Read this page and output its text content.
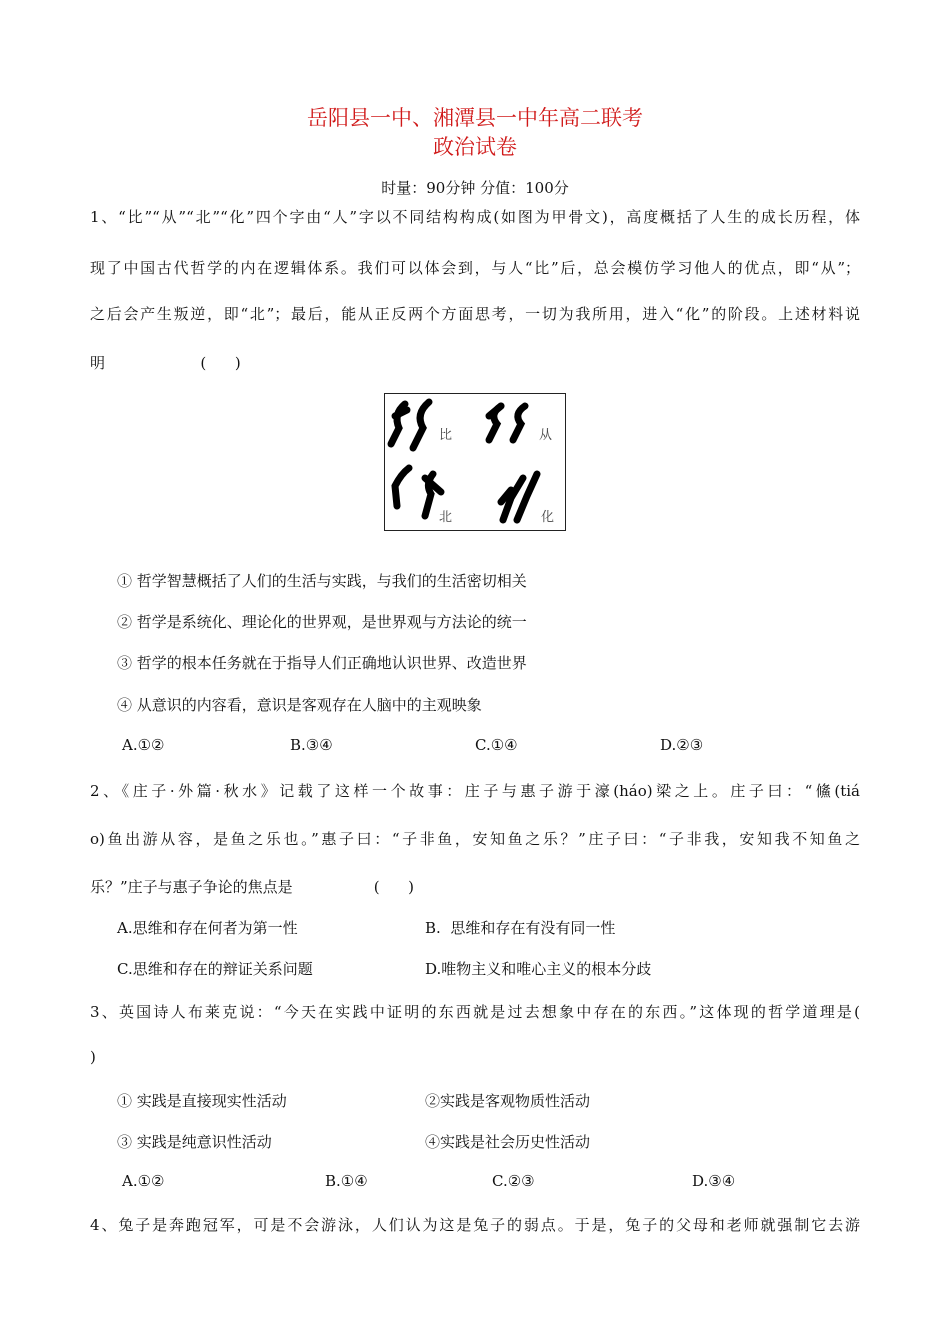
岳阳县一中、湘潭县一中年高二联考
政治试卷
时量：90分钟 分值：100分
1、“比”“从”“北”“化”四个字由“人”字以不同结构构成(如图为甲骨文)，高度概括了人生的成长历程，体
现了中国古代哲学的内在逻辑体系。我们可以体会到，与人“比”后，总会模仿学习他人的优点，即“从”；
之后会产生叛逆，即“北”；最后，能从正反两个方面思考，一切为我所用，进入“化”的阶段。上述材料说
明                    (      )
比	从
北	化
① 哲学智慧概括了人们的生活与实践，与我们的生活密切相关
② 哲学是系统化、理论化的世界观，是世界观与方法论的统一
③ 哲学的根本任务就在于指导人们正确地认识世界、改造世界
④ 从意识的内容看，意识是客观存在人脑中的主观映象
A.①②	B.③④	C.①④	D.②③
2、《庄子·外篇·秋水》记载了这样一个故事：庄子与惠子游于濠(háo)梁之上。庄子曰：“鯈(tiá
o)鱼出游从容，是鱼之乐也。”惠子曰：“子非鱼，安知鱼之乐？”庄子曰：“子非我，安知我不知鱼之
乐？”庄子与惠子争论的焦点是                 (      )
A.思维和存在何者为第一性	B.  思维和存在有没有同一性
C.思维和存在的辩证关系问题	D.唯物主义和唯心主义的根本分歧
3、英国诗人布莱克说：“今天在实践中证明的东西就是过去想象中存在的东西。”这体现的哲学道理是(
)
① 实践是直接现实性活动	②实践是客观物质性活动
③ 实践是纯意识性活动	④实践是社会历史性活动
A.①②	B.①④	C.②③	D.③④
4、兔子是奔跑冠军，可是不会游泳，人们认为这是兔子的弱点。于是，兔子的父母和老师就强制它去游
